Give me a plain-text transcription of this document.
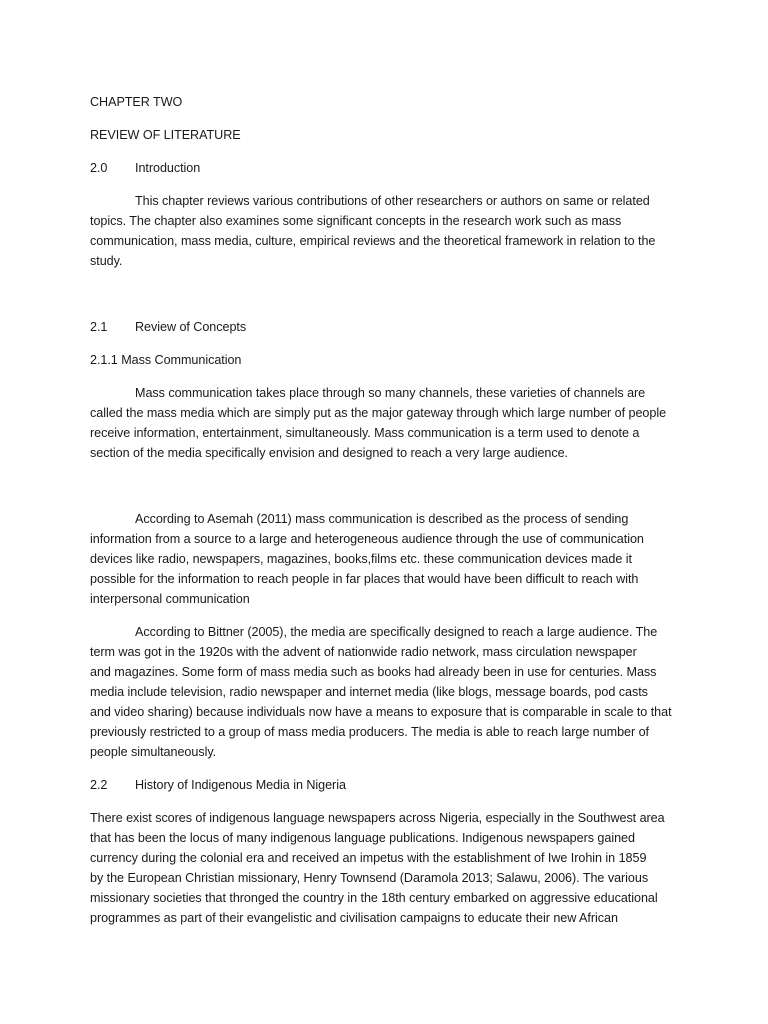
CHAPTER TWO

REVIEW OF LITERATURE

2.0 Introduction

This chapter reviews various contributions of other researchers or authors on same or related

topics. The chapter also examines some significant concepts in the research work such as mass

communication, mass media, culture, empirical reviews and the theoretical framework in relation to the

study.

2.1 Review of Concepts

2.1.1 Mass Communication

Mass communication takes place through so many channels, these varieties of channels are

called the mass media which are simply put as the major gateway through which large number of people

receive information, entertainment, simultaneously. Mass communication is a term used to denote a

section of the media specifically envision and designed to reach a very large audience.

According to Asemah (2011) mass communication is described as the process of sending

information from a source to a large and heterogeneous audience through the use of communication

devices like radio, newspapers, magazines, books,films etc. these communication devices made it

possible for the information to reach people in far places that would have been difficult to reach with

interpersonal communication

According to Bittner (2005), the media are specifically designed to reach a large audience. The

term was got in the 1920s with the advent of nationwide radio network, mass circulation newspaper

and magazines. Some form of mass media such as books had already been in use for centuries. Mass

media include television, radio newspaper and internet media (like blogs, message boards, pod casts

and video sharing) because individuals now have a means to exposure that is comparable in scale to that

previously restricted to a group of mass media producers. The media is able to reach large number of

people simultaneously.

2.2 History of Indigenous Media in Nigeria

There exist scores of indigenous language newspapers across Nigeria, especially in the Southwest area

that has been the locus of many indigenous language publications. Indigenous newspapers gained

currency during the colonial era and received an impetus with the establishment of Iwe Irohin in 1859

by the European Christian missionary, Henry Townsend (Daramola 2013; Salawu, 2006). The various

missionary societies that thronged the country in the 18th century embarked on aggressive educational

programmes as part of their evangelistic and civilisation campaigns to educate their new African
